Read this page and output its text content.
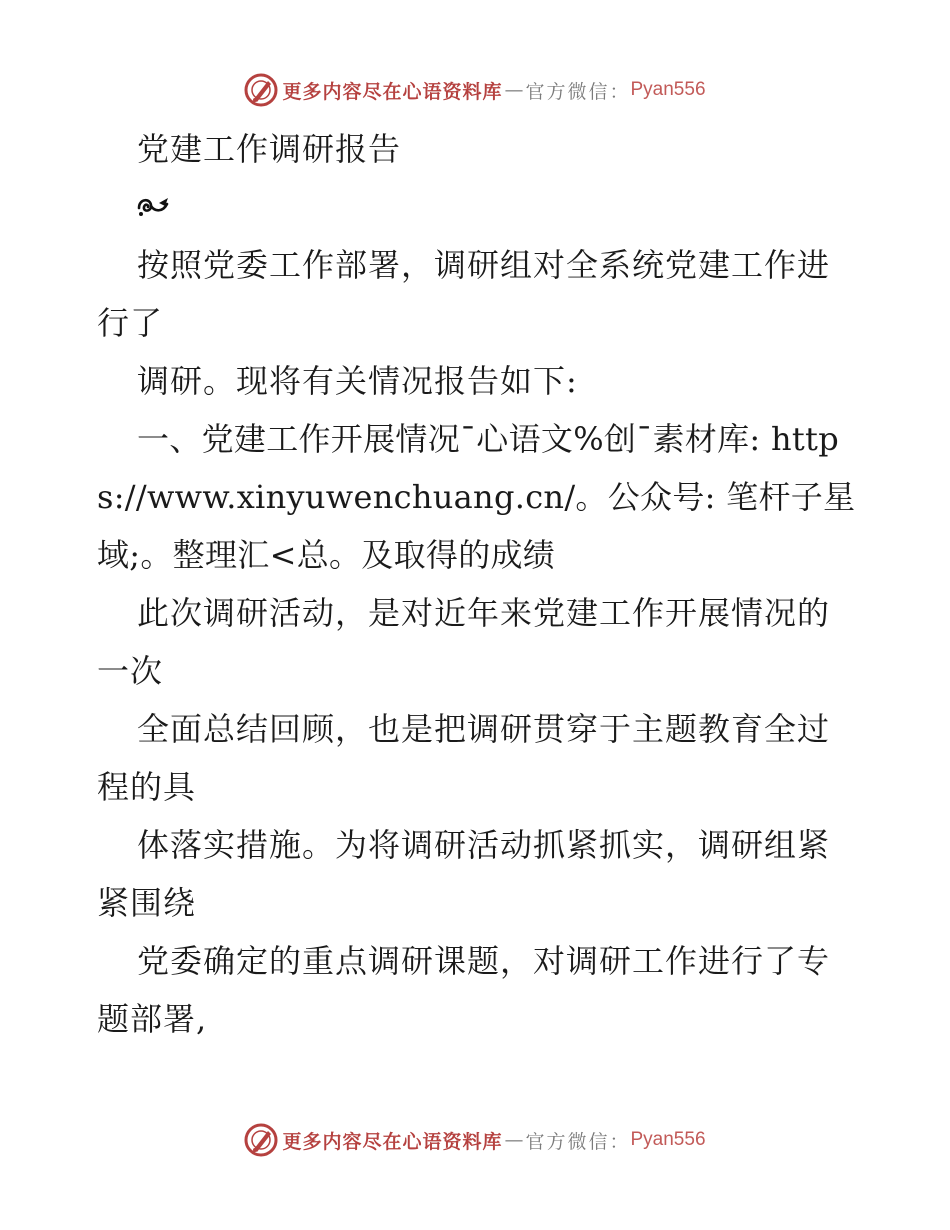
更多内容尽在心语资料库 — 官方微信： Pyan556
党建工作调研报告
按照党委工作部署，调研组对全系统党建工作进行了
调研。现将有关情况报告如下:
一、党建工作开展情况¯心语文%创¯素材库: https://www.xinyuwenchuang.cn/。公众号: 笔杆子星域;。整理汇<总。及取得的成绩
此次调研活动，是对近年来党建工作开展情况的一次
全面总结回顾，也是把调研贯穿于主题教育全过程的具
体落实措施。为将调研活动抓紧抓实，调研组紧紧围绕
党委确定的重点调研课题，对调研工作进行了专题部署,
更多内容尽在心语资料库 — 官方微信： Pyan556
